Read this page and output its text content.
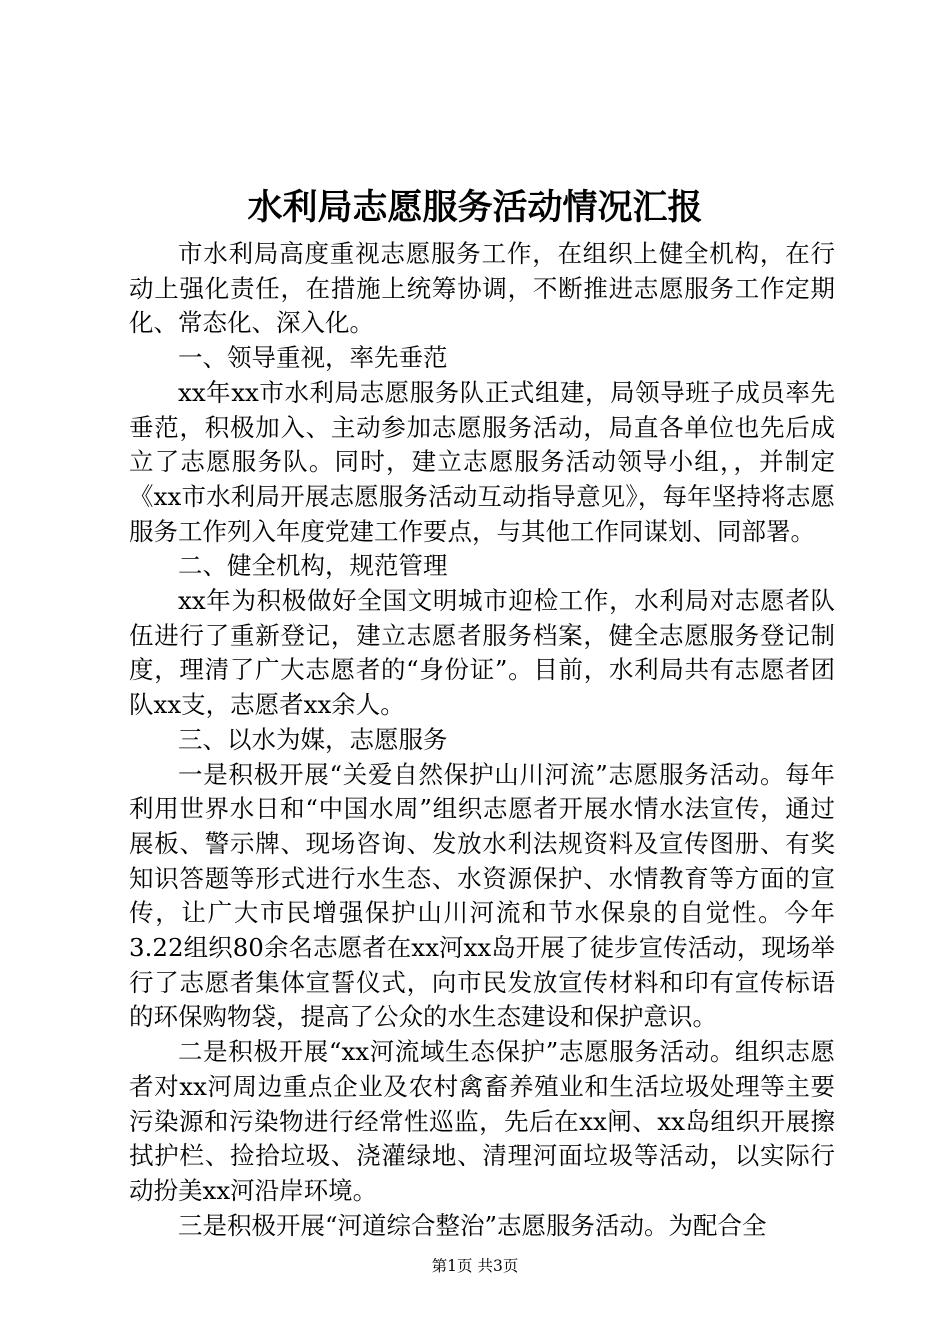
水利局志愿服务活动情况汇报

市水利局高度重视志愿服务工作，在组织上健全机构，在行动上强化责任，在措施上统筹协调，不断推进志愿服务工作定期化、常态化、深入化。

一、领导重视，率先垂范

xx年xx市水利局志愿服务队正式组建，局领导班子成员率先垂范，积极加入、主动参加志愿服务活动，局直各单位也先后成立了志愿服务队。同时，建立志愿服务活动领导小组，，并制定《xx市水利局开展志愿服务活动互动指导意见》，每年坚持将志愿服务工作列入年度党建工作要点，与其他工作同谋划、同部署。

二、健全机构，规范管理

xx年为积极做好全国文明城市迎检工作，水利局对志愿者队伍进行了重新登记，建立志愿者服务档案，健全志愿服务登记制度，理清了广大志愿者的“身份证”。目前，水利局共有志愿者团队xx支，志愿者xx余人。

三、以水为媒，志愿服务

一是积极开展“关爱自然保护山川河流”志愿服务活动。每年利用世界水日和“中国水周”组织志愿者开展水情水法宣传，通过展板、警示牌、现场咨询、发放水利法规资料及宣传图册、有奖知识答题等形式进行水生态、水资源保护、水情教育等方面的宣传，让广大市民增强保护山川河流和节水保泉的自觉性。今年3.22组织80余名志愿者在xx河xx岛开展了徒步宣传活动，现场举行了志愿者集体宣誓仪式，向市民发放宣传材料和印有宣传标语的环保购物袋，提高了公众的水生态建设和保护意识。

二是积极开展“xx河流域生态保护”志愿服务活动。组织志愿者对xx河周边重点企业及农村禽畜养殖业和生活垃圾处理等主要污染源和污染物进行经常性巡监，先后在xx闸、xx岛组织开展擦拭护栏、捡拾垃圾、浇灌绿地、清理河面垃圾等活动，以实际行动扮美xx河沿岸环境。

三是积极开展“河道综合整治”志愿服务活动。为配合全

第1页 共3页
